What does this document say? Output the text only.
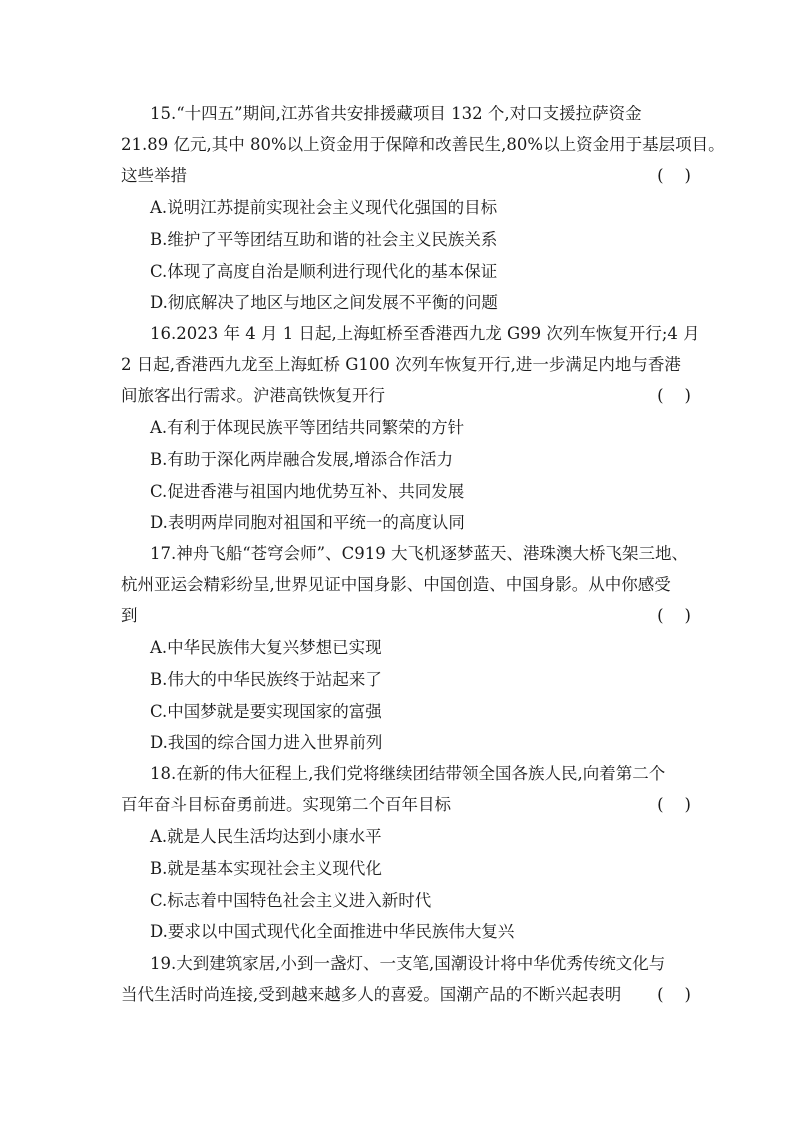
15.“十四五”期间,江苏省共安排援藏项目 132 个,对口支援拉萨资金
21.89 亿元,其中 80%以上资金用于保障和改善民生,80%以上资金用于基层项目。
这些举措	(    )
A.说明江苏提前实现社会主义现代化强国的目标
B.维护了平等团结互助和谐的社会主义民族关系
C.体现了高度自治是顺利进行现代化的基本保证
D.彻底解决了地区与地区之间发展不平衡的问题
16.2023 年 4 月 1 日起,上海虹桥至香港西九龙 G99 次列车恢复开行;4 月
2 日起,香港西九龙至上海虹桥 G100 次列车恢复开行,进一步满足内地与香港
间旅客出行需求。沪港高铁恢复开行	(    )
A.有利于体现民族平等团结共同繁荣的方针
B.有助于深化两岸融合发展,增添合作活力
C.促进香港与祖国内地优势互补、共同发展
D.表明两岸同胞对祖国和平统一的高度认同
17.神舟飞船“苍穹会师”、C919 大飞机逐梦蓝天、港珠澳大桥飞架三地、
杭州亚运会精彩纷呈,世界见证中国身影、中国创造、中国身影。从中你感受
到	(    )
A.中华民族伟大复兴梦想已实现
B.伟大的中华民族终于站起来了
C.中国梦就是要实现国家的富强
D.我国的综合国力进入世界前列
18.在新的伟大征程上,我们党将继续团结带领全国各族人民,向着第二个
百年奋斗目标奋勇前进。实现第二个百年目标	(    )
A.就是人民生活均达到小康水平
B.就是基本实现社会主义现代化
C.标志着中国特色社会主义进入新时代
D.要求以中国式现代化全面推进中华民族伟大复兴
19.大到建筑家居,小到一盏灯、一支笔,国潮设计将中华优秀传统文化与
当代生活时尚连接,受到越来越多人的喜爱。国潮产品的不断兴起表明 (    )
